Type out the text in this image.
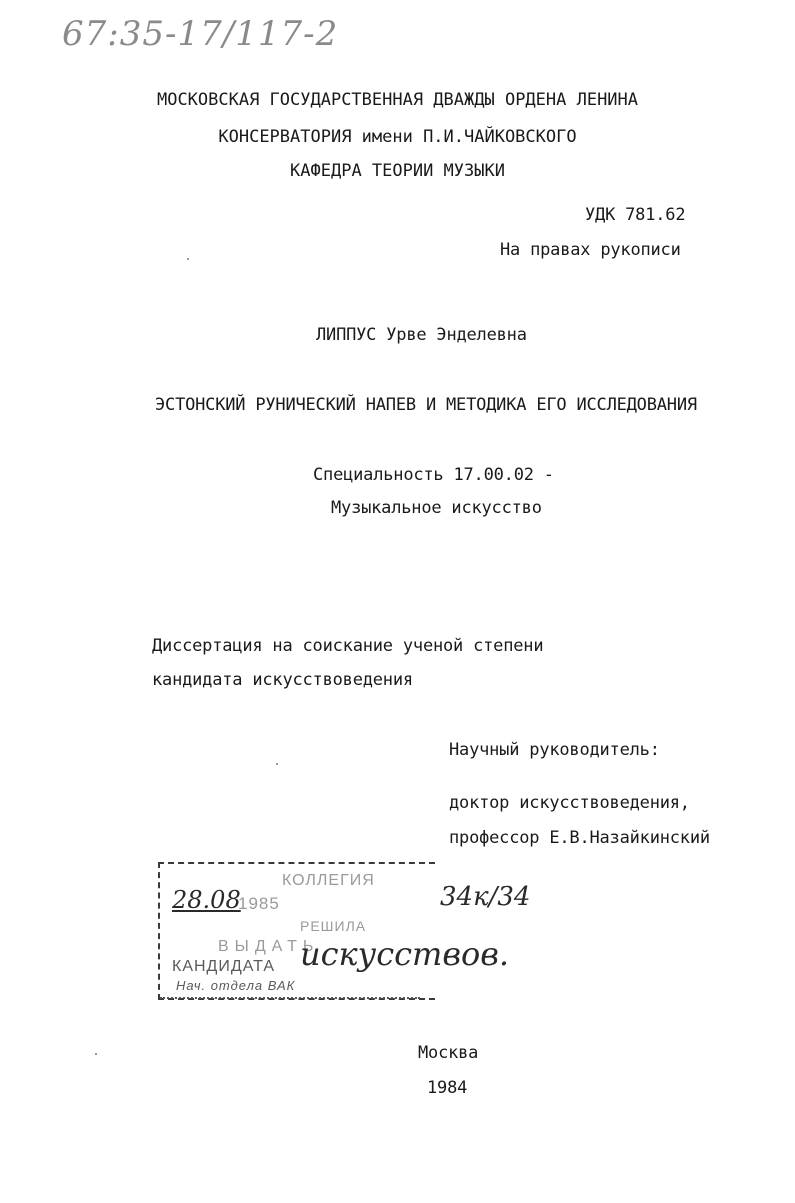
67:35-17/117-2
МОСКОВСКАЯ ГОСУДАРСТВЕННАЯ ДВАЖДЫ ОРДЕНА ЛЕНИНА
КОНСЕРВАТОРИЯ имени П.И.ЧАЙКОВСКОГО
КАФЕДРА ТЕОРИИ МУЗЫКИ
УДК 781.62
На правах рукописи
ЛИППУС Урве Энделевна
ЭСТОНСКИЙ РУНИЧЕСКИЙ НАПЕВ И МЕТОДИКА ЕГО ИССЛЕДОВАНИЯ
Специальность 17.00.02 -
Музыкальное искусство
Диссертация на соискание ученой степени
кандидата искусствоведения
Научный руководитель:
доктор искусствоведения,
профессор Е.В.Назайкинский
КОЛЛЕГИЯ
28.08
1985	34к/34
РЕШИЛА
ВЫДАТЬ
КАНДИДАТА искусствов.
Нач. отдела ВАК
Москва
1984
